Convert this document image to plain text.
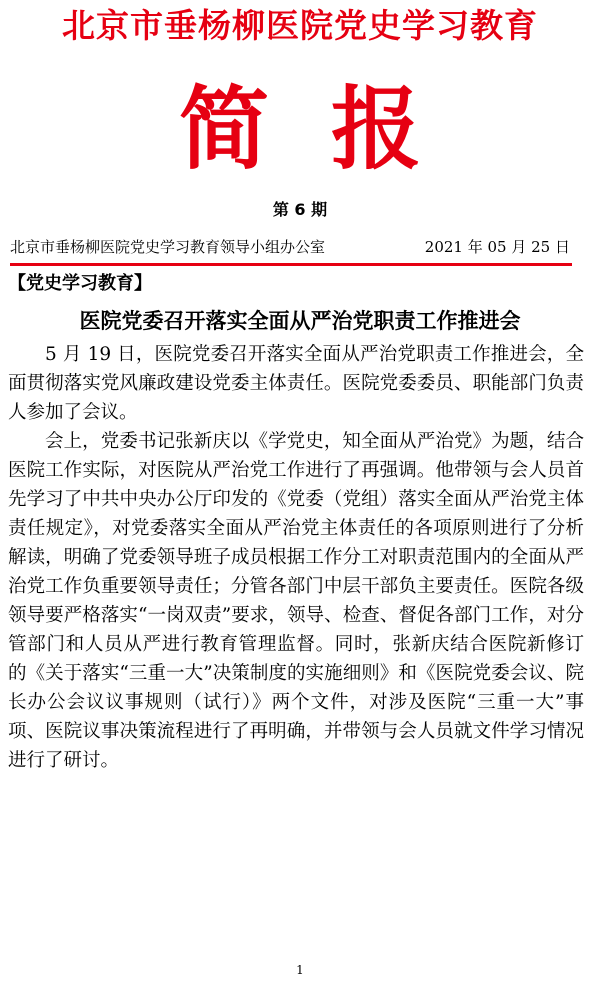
北京市垂杨柳医院党史学习教育
简报
第 6 期
北京市垂杨柳医院党史学习教育领导小组办公室	2021 年 05 月 25 日
【党史学习教育】
医院党委召开落实全面从严治党职责工作推进会

5 月 19 日，医院党委召开落实全面从严治党职责工作推进会，全面贯彻落实党风廉政建设党委主体责任。医院党委委员、职能部门负责人参加了会议。

会上，党委书记张新庆以《学党史，知全面从严治党》为题，结合医院工作实际，对医院从严治党工作进行了再强调。他带领与会人员首先学习了中共中央办公厅印发的《党委（党组）落实全面从严治党主体责任规定》，对党委落实全面从严治党主体责任的各项原则进行了分析解读，明确了党委领导班子成员根据工作分工对职责范围内的全面从严治党工作负重要领导责任；分管各部门中层干部负主要责任。医院各级领导要严格落实“一岗双责”要求，领导、检查、督促各部门工作，对分管部门和人员从严进行教育管理监督。同时，张新庆结合医院新修订 的《关于落实“三重一大”决策制度的实施细则》和《医院党委会议、院长办公会议议事规则（试行）》两个文件，对涉及医院“三重一大”事项、医院议事决策流程进行了再明确，并带领与会人员就文件学习情况进行了研讨。

1
